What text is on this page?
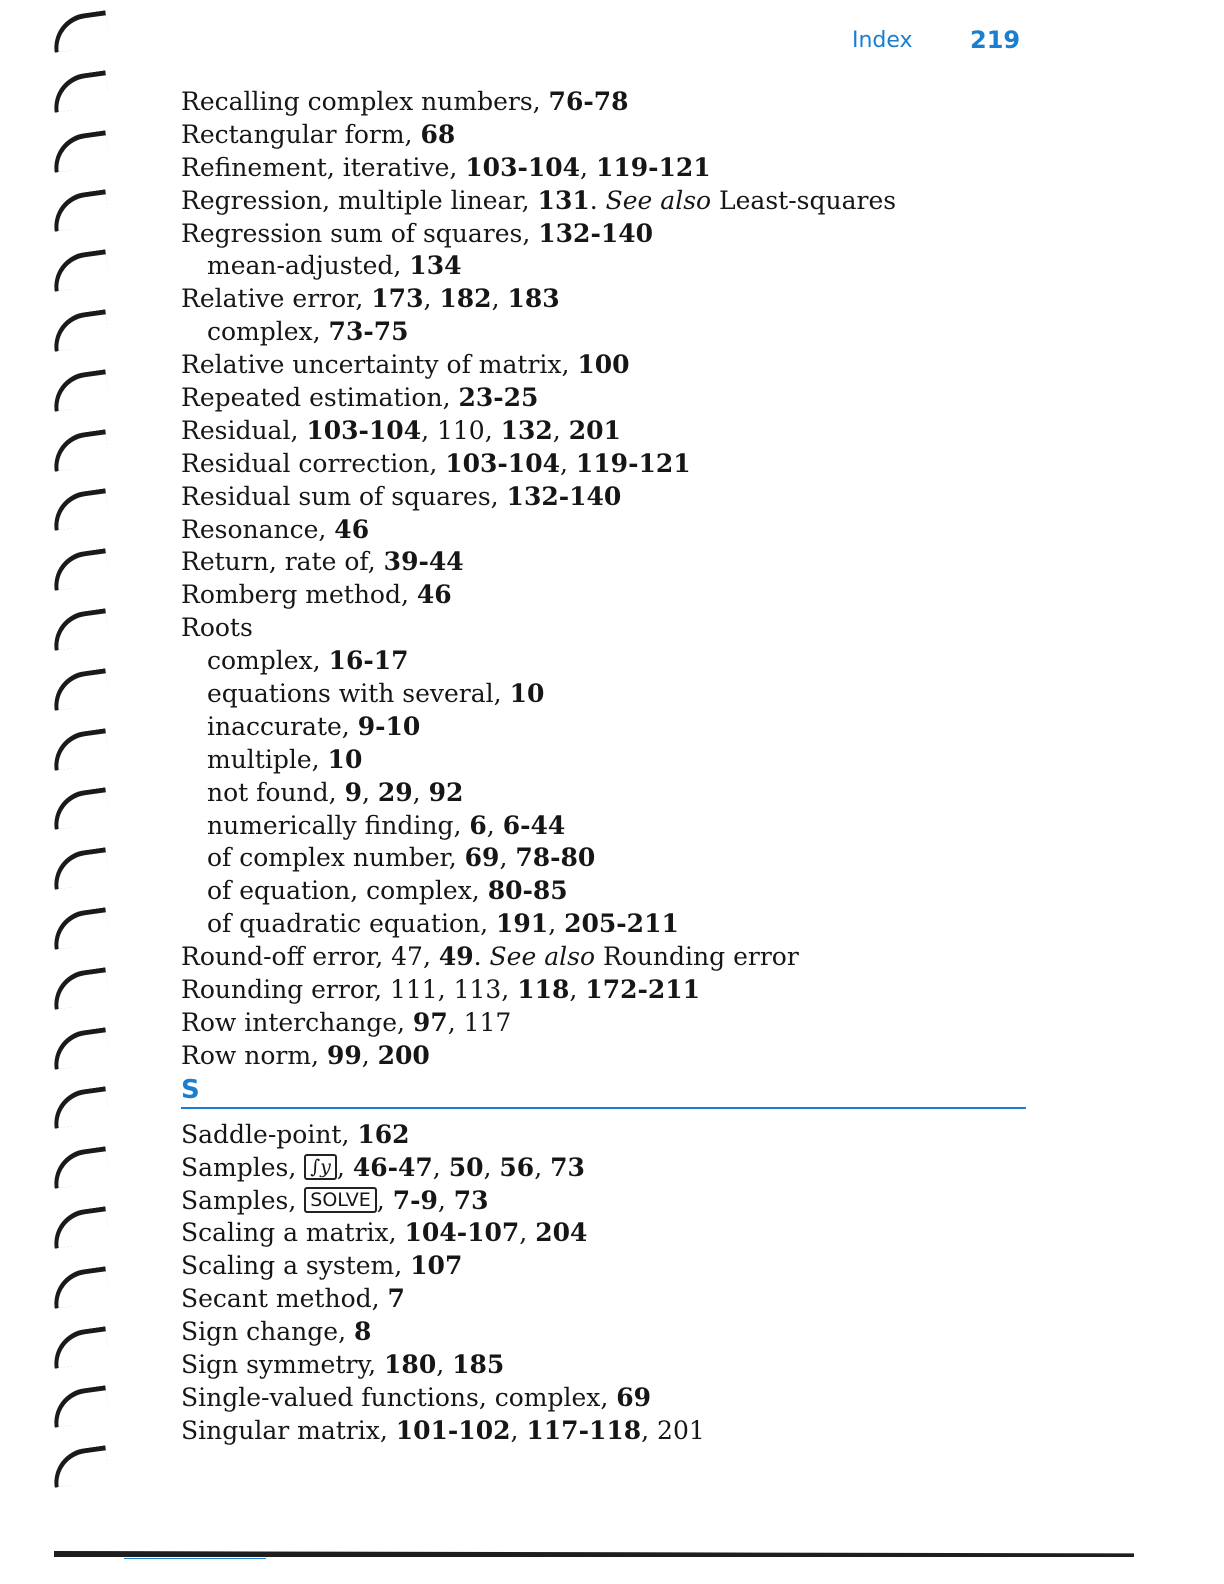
Index 219
Recalling complex numbers, 76-78
Rectangular form, 68
Refinement, iterative, 103-104, 119-121
Regression, multiple linear, 131. See also Least-squares
Regression sum of squares, 132-140
mean-adjusted, 134
Relative error, 173, 182, 183
complex, 73-75
Relative uncertainty of matrix, 100
Repeated estimation, 23-25
Residual, 103-104, 110, 132, 201
Residual correction, 103-104, 119-121
Residual sum of squares, 132-140
Resonance, 46
Return, rate of, 39-44
Romberg method, 46
Roots
complex, 16-17
equations with several, 10
inaccurate, 9-10
multiple, 10
not found, 9, 29, 92
numerically finding, 6, 6-44
of complex number, 69, 78-80
of equation, complex, 80-85
of quadratic equation, 191, 205-211
Round-off error, 47, 49. See also Rounding error
Rounding error, 111, 113, 118, 172-211
Row interchange, 97, 117
Row norm, 99, 200
S
Saddle-point, 162
Samples, ∫y , 46-47, 50, 56, 73
Samples, SOLVE , 7-9, 73
Scaling a matrix, 104-107, 204
Scaling a system, 107
Secant method, 7
Sign change, 8
Sign symmetry, 180, 185
Single-valued functions, complex, 69
Singular matrix, 101-102, 117-118, 201
